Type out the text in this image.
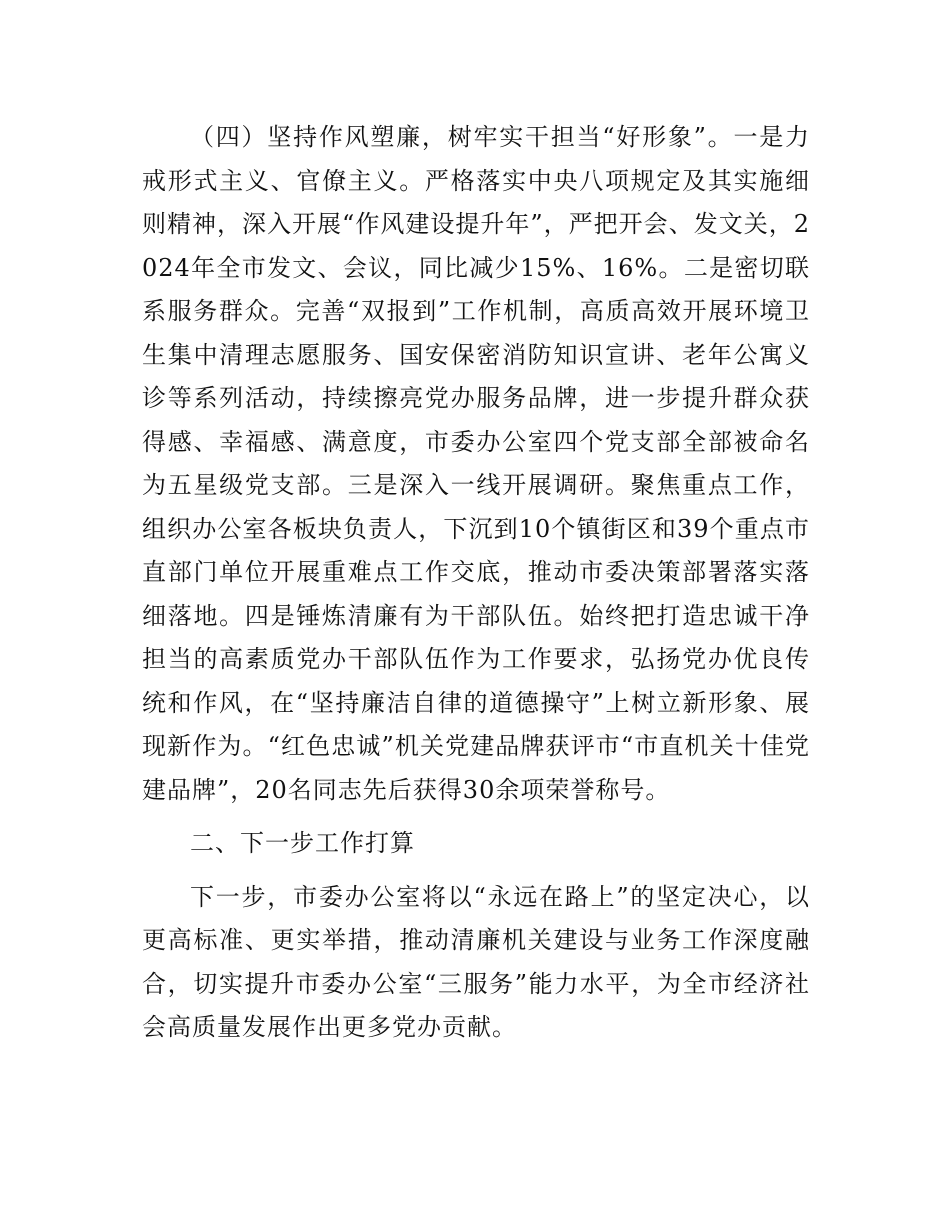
（四）坚持作风塑廉，树牢实干担当“好形象”。一是力戒形式主义、官僚主义。严格落实中央八项规定及其实施细则精神，深入开展“作风建设提升年”，严把开会、发文关，2024年全市发文、会议，同比减少15%、16%。二是密切联系服务群众。完善“双报到”工作机制，高质高效开展环境卫生集中清理志愿服务、国安保密消防知识宣讲、老年公寓义诊等系列活动，持续擦亮党办服务品牌，进一步提升群众获得感、幸福感、满意度，市委办公室四个党支部全部被命名为五星级党支部。三是深入一线开展调研。聚焦重点工作，组织办公室各板块负责人，下沉到10个镇街区和39个重点市直部门单位开展重难点工作交底，推动市委决策部署落实落细落地。四是锤炼清廉有为干部队伍。始终把打造忠诚干净担当的高素质党办干部队伍作为工作要求，弘扬党办优良传统和作风，在“坚持廉洁自律的道德操守”上树立新形象、展现新作为。“红色忠诚”机关党建品牌获评市“市直机关十佳党建品牌”，20名同志先后获得30余项荣誉称号。

二、下一步工作打算

下一步，市委办公室将以“永远在路上”的坚定决心，以更高标准、更实举措，推动清廉机关建设与业务工作深度融合，切实提升市委办公室“三服务”能力水平，为全市经济社会高质量发展作出更多党办贡献。
